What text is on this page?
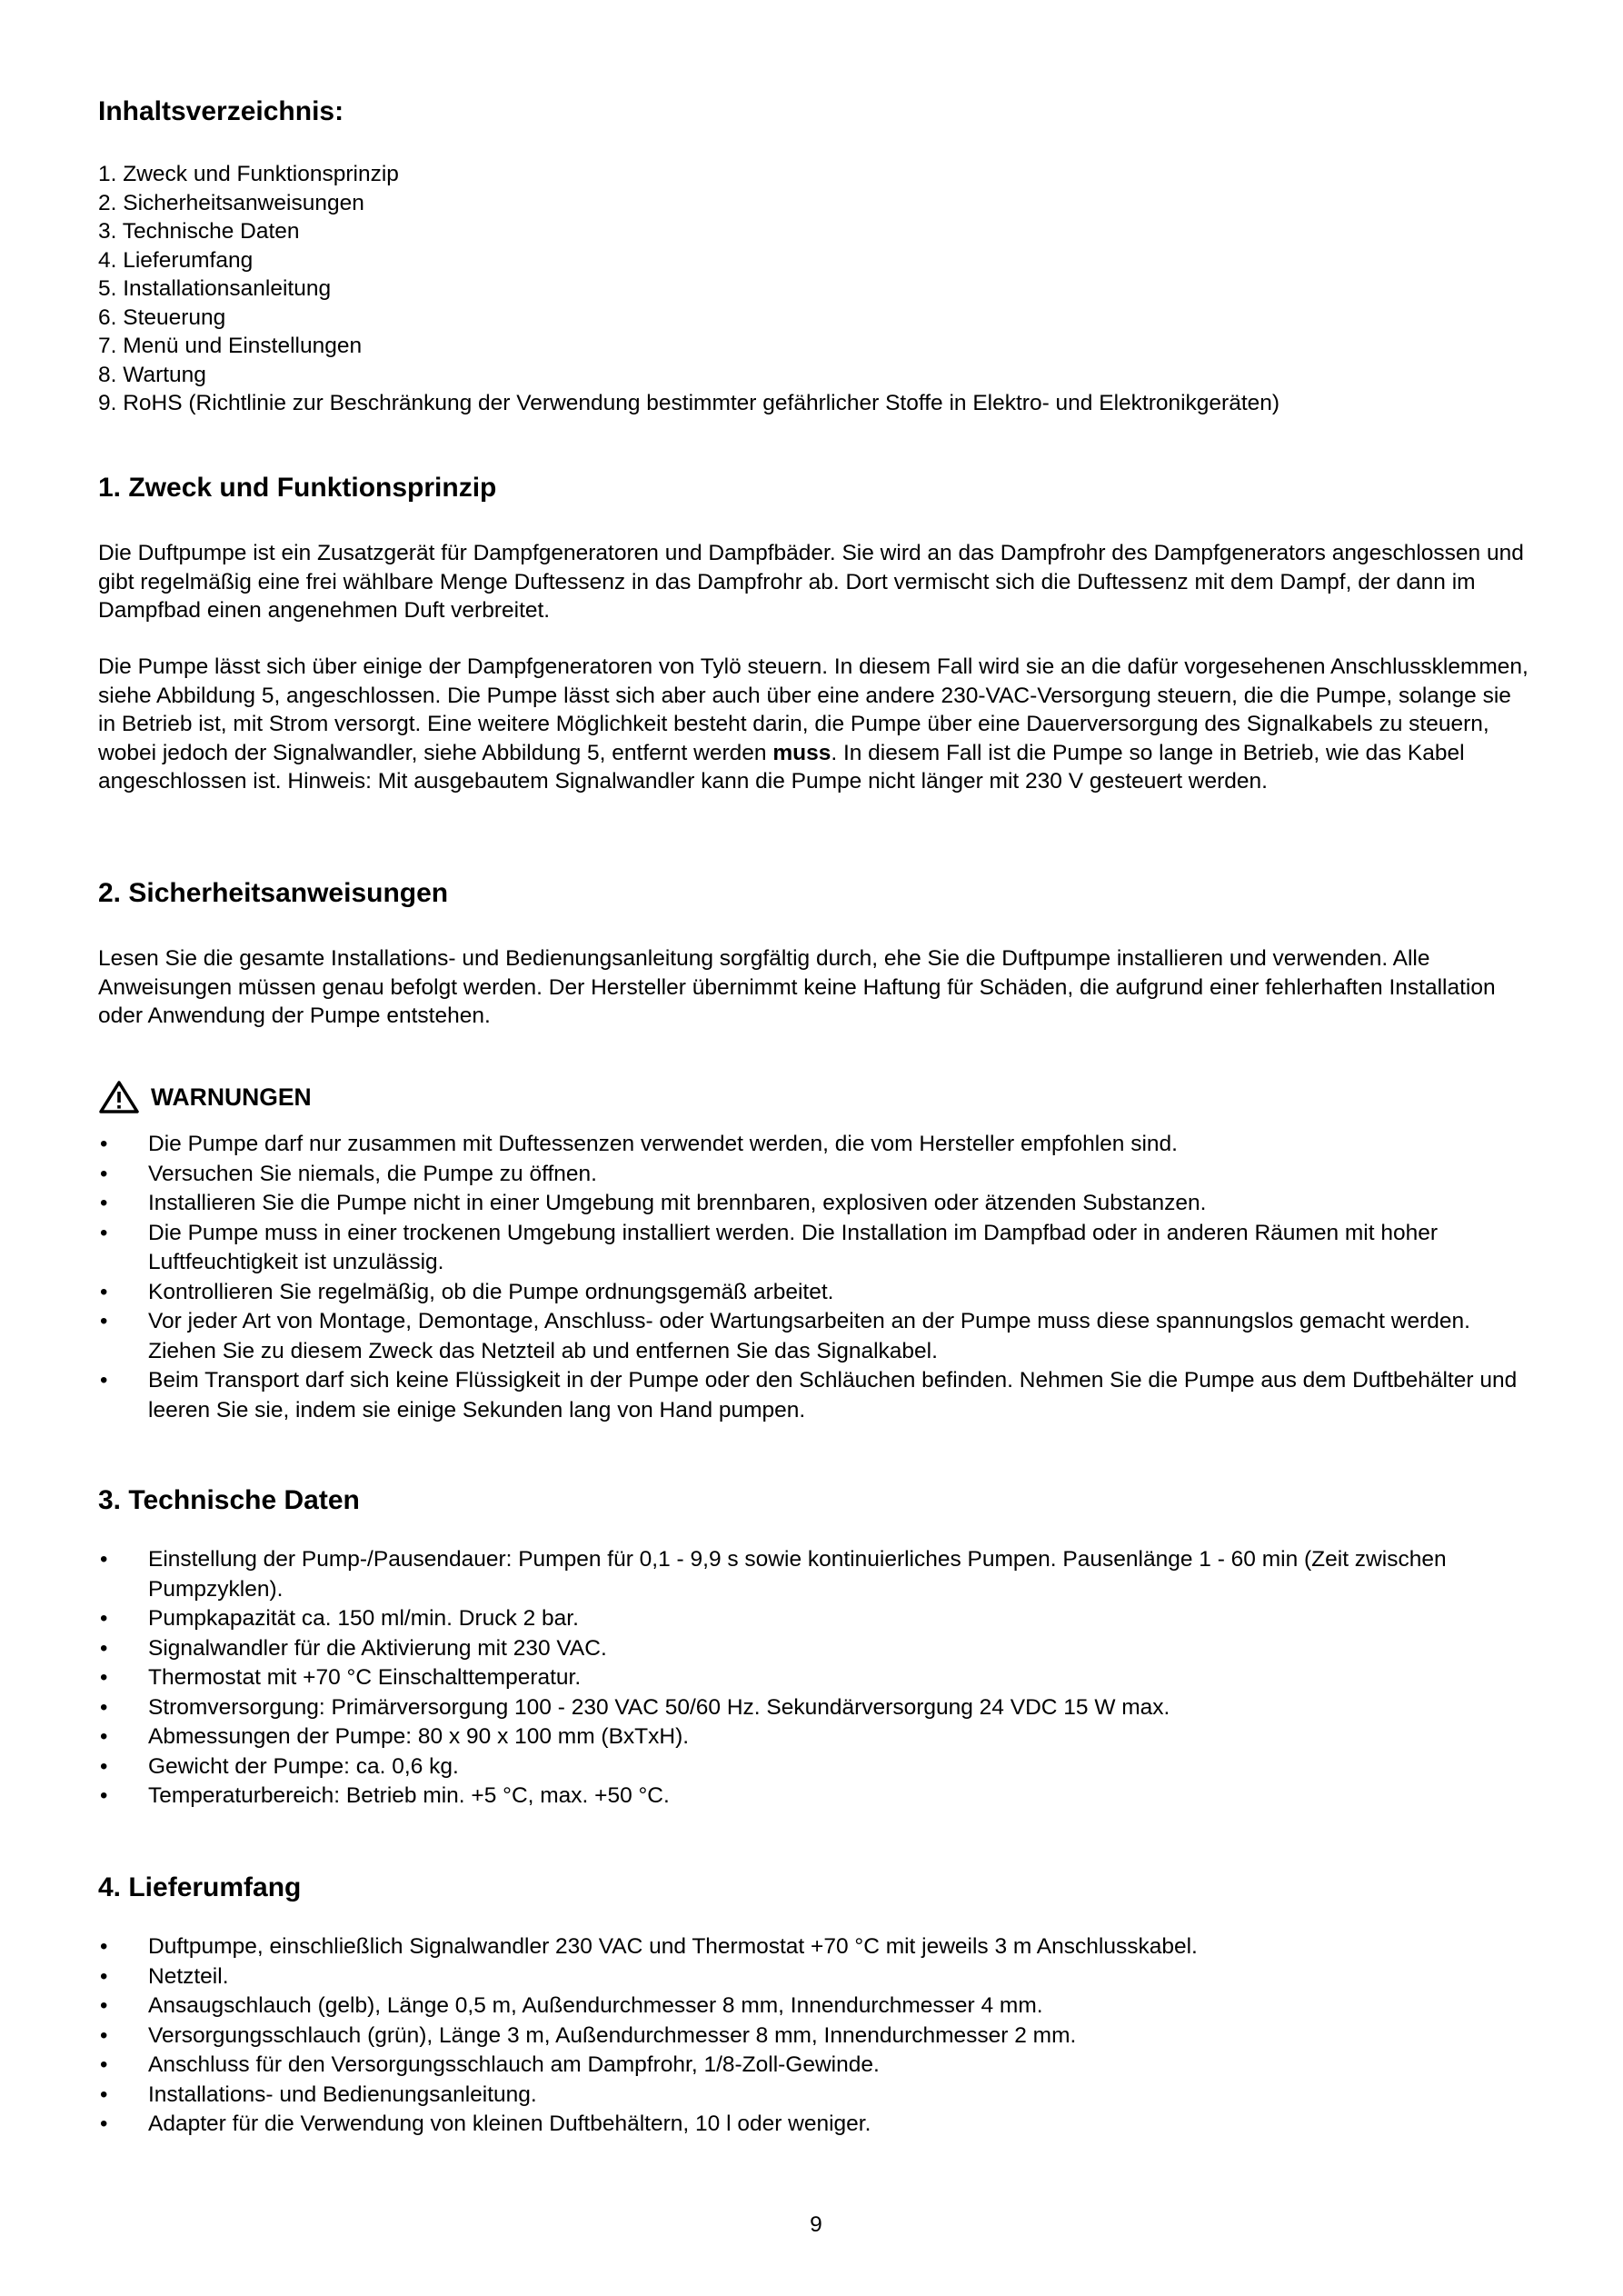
Inhaltsverzeichnis:
1. Zweck und Funktionsprinzip
2. Sicherheitsanweisungen
3. Technische Daten
4. Lieferumfang
5. Installationsanleitung
6. Steuerung
7. Menü und Einstellungen
8. Wartung
9. RoHS (Richtlinie zur Beschränkung der Verwendung bestimmter gefährlicher Stoffe in Elektro- und Elektronikgeräten)
1. Zweck und Funktionsprinzip

Die Duftpumpe ist ein Zusatzgerät für Dampfgeneratoren und Dampfbäder. Sie wird an das Dampfrohr des Dampfgenerators angeschlossen und gibt regelmäßig eine frei wählbare Menge Duftessenz in das Dampfrohr ab. Dort vermischt sich die Duftessenz mit dem Dampf, der dann im Dampfbad einen angenehmen Duft verbreitet.

Die Pumpe lässt sich über einige der Dampfgeneratoren von Tylö steuern. In diesem Fall wird sie an die dafür vorgesehenen Anschlussklemmen, siehe Abbildung 5, angeschlossen. Die Pumpe lässt sich aber auch über eine andere 230-VAC-Versorgung steuern, die die Pumpe, solange sie in Betrieb ist, mit Strom versorgt. Eine weitere Möglichkeit besteht darin, die Pumpe über eine Dauerversorgung des Signalkabels zu steuern, wobei jedoch der Signalwandler, siehe Abbildung 5, entfernt werden muss. In diesem Fall ist die Pumpe so lange in Betrieb, wie das Kabel angeschlossen ist. Hinweis: Mit ausgebautem Signalwandler kann die Pumpe nicht länger mit 230 V gesteuert werden.

2. Sicherheitsanweisungen

Lesen Sie die gesamte Installations- und Bedienungsanleitung sorgfältig durch, ehe Sie die Duftpumpe installieren und verwenden. Alle Anweisungen müssen genau befolgt werden. Der Hersteller übernimmt keine Haftung für Schäden, die aufgrund einer fehlerhaften Installation oder Anwendung der Pumpe entstehen.

WARNUNGEN
• Die Pumpe darf nur zusammen mit Duftessenzen verwendet werden, die vom Hersteller empfohlen sind.
• Versuchen Sie niemals, die Pumpe zu öffnen.
• Installieren Sie die Pumpe nicht in einer Umgebung mit brennbaren, explosiven oder ätzenden Substanzen.
• Die Pumpe muss in einer trockenen Umgebung installiert werden. Die Installation im Dampfbad oder in anderen Räumen mit hoher Luftfeuchtigkeit ist unzulässig.
• Kontrollieren Sie regelmäßig, ob die Pumpe ordnungsgemäß arbeitet.
• Vor jeder Art von Montage, Demontage, Anschluss- oder Wartungsarbeiten an der Pumpe muss diese spannungslos gemacht werden. Ziehen Sie zu diesem Zweck das Netzteil ab und entfernen Sie das Signalkabel.
• Beim Transport darf sich keine Flüssigkeit in der Pumpe oder den Schläuchen befinden. Nehmen Sie die Pumpe aus dem Duftbehälter und leeren Sie sie, indem sie einige Sekunden lang von Hand pumpen.
3. Technische Daten
• Einstellung der Pump-/Pausendauer: Pumpen für 0,1 - 9,9 s sowie kontinuierliches Pumpen. Pausenlänge 1 - 60 min (Zeit zwischen Pumpzyklen).
• Pumpkapazität ca. 150 ml/min. Druck 2 bar.
• Signalwandler für die Aktivierung mit 230 VAC.
• Thermostat mit +70 °C Einschalttemperatur.
• Stromversorgung: Primärversorgung 100 - 230 VAC 50/60 Hz. Sekundärversorgung 24 VDC 15 W max.
• Abmessungen der Pumpe: 80 x 90 x 100 mm (BxTxH).
• Gewicht der Pumpe: ca. 0,6 kg.
• Temperaturbereich: Betrieb min. +5 °C, max. +50 °C.
4. Lieferumfang
• Duftpumpe, einschließlich Signalwandler 230 VAC und Thermostat +70 °C mit jeweils 3 m Anschlusskabel.
• Netzteil.
• Ansaugschlauch (gelb), Länge 0,5 m, Außendurchmesser 8 mm, Innendurchmesser 4 mm.
• Versorgungsschlauch (grün), Länge 3 m, Außendurchmesser 8 mm, Innendurchmesser 2 mm.
• Anschluss für den Versorgungsschlauch am Dampfrohr, 1/8-Zoll-Gewinde.
• Installations- und Bedienungsanleitung.
• Adapter für die Verwendung von kleinen Duftbehältern, 10 l oder weniger.
9
